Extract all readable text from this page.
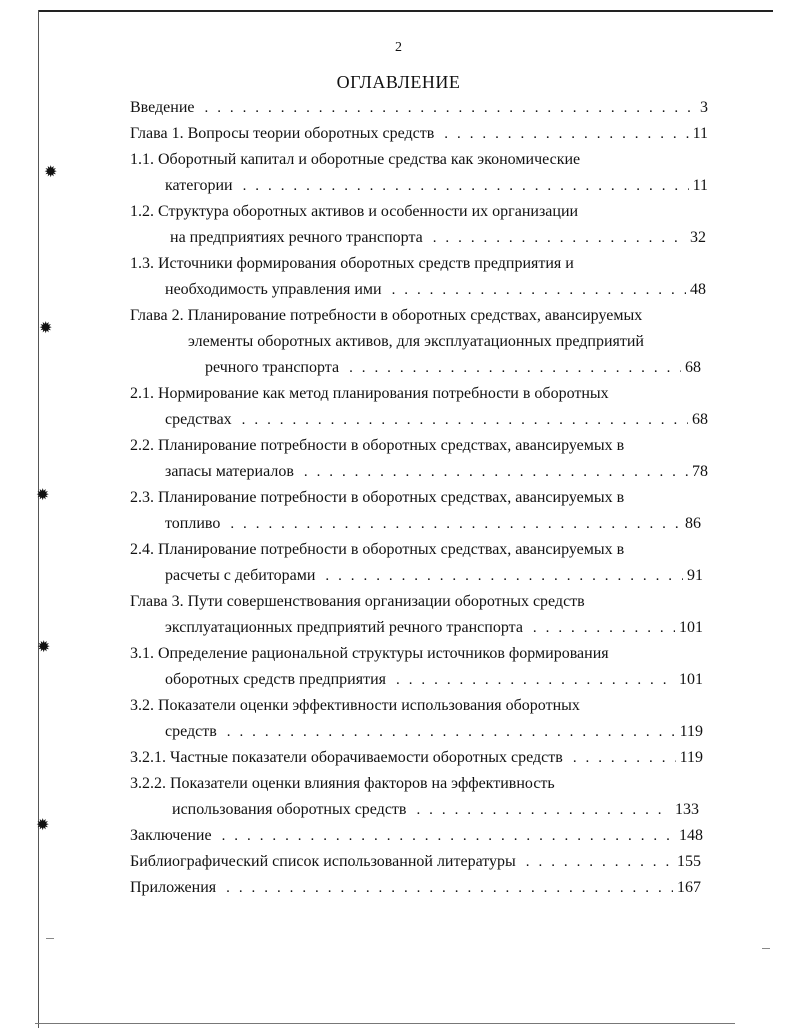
✹
✹
✹
✹
✹
2
ОГЛАВЛЕНИЕ
Введение . . .	3
Глава 1. Вопросы теории оборотных средств . . .	11
1.1. Оборотный капитал и оборотные средства как экономические
категории . . .	11
1.2. Структура оборотных активов и особенности их организации
на предприятиях речного транспорта . . .	32
1.3. Источники формирования оборотных средств предприятия и
необходимость управления ими . . .	48
Глава 2. Планирование потребности в оборотных средствах, авансируемых
элементы оборотных активов, для эксплуатационных предприятий
речного транспорта . . .	68
2.1. Нормирование как метод планирования потребности в оборотных
средствах . . .	68
2.2. Планирование потребности в оборотных средствах, авансируемых в
запасы материалов . . .	78
2.3. Планирование потребности в оборотных средствах, авансируемых в
топливо . . .	86
2.4. Планирование потребности в оборотных средствах, авансируемых в
расчеты с дебиторами . . .	91
Глава 3. Пути совершенствования организации оборотных средств
эксплуатационных предприятий речного транспорта . . .	101
3.1. Определение рациональной структуры источников формирования
оборотных средств предприятия . . .	101
3.2. Показатели оценки эффективности использования оборотных
средств . . .	119
3.2.1. Частные показатели оборачиваемости оборотных средств . . .	119
3.2.2. Показатели оценки влияния факторов на эффективность
использования оборотных средств . . .	133
Заключение . . .	148
Библиографический список использованной литературы . . .	155
Приложения . . .	167
